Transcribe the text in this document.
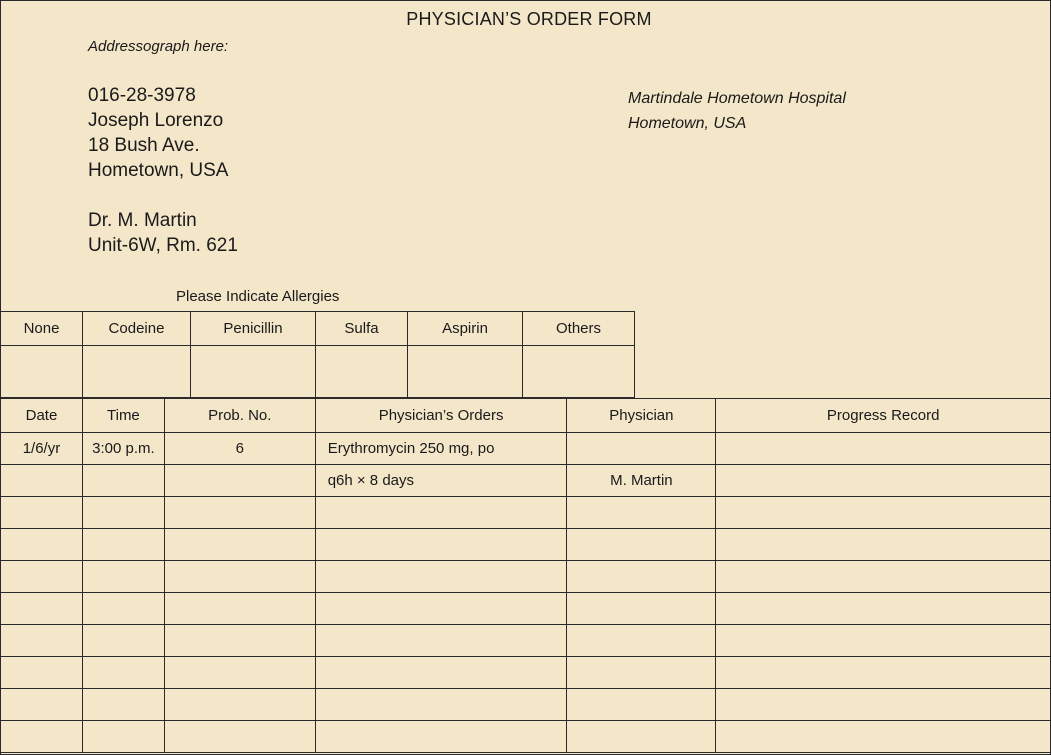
PHYSICIAN’S ORDER FORM
Addressograph here:
016-28-3978
Joseph Lorenzo
18 Bush Ave.
Hometown, USA
Dr. M. Martin
Unit-6W, Rm. 621
Martindale Hometown Hospital
Hometown, USA
Please Indicate Allergies
None	Codeine	Penicillin	Sulfa	Aspirin	Others

Date	Time	Prob. No.	Physician’s Orders	Physician	Progress Record
1/6/yr	3:00 p.m.	6	Erythromycin 250 mg, po		
			q6h × 8 days	M. Martin	
